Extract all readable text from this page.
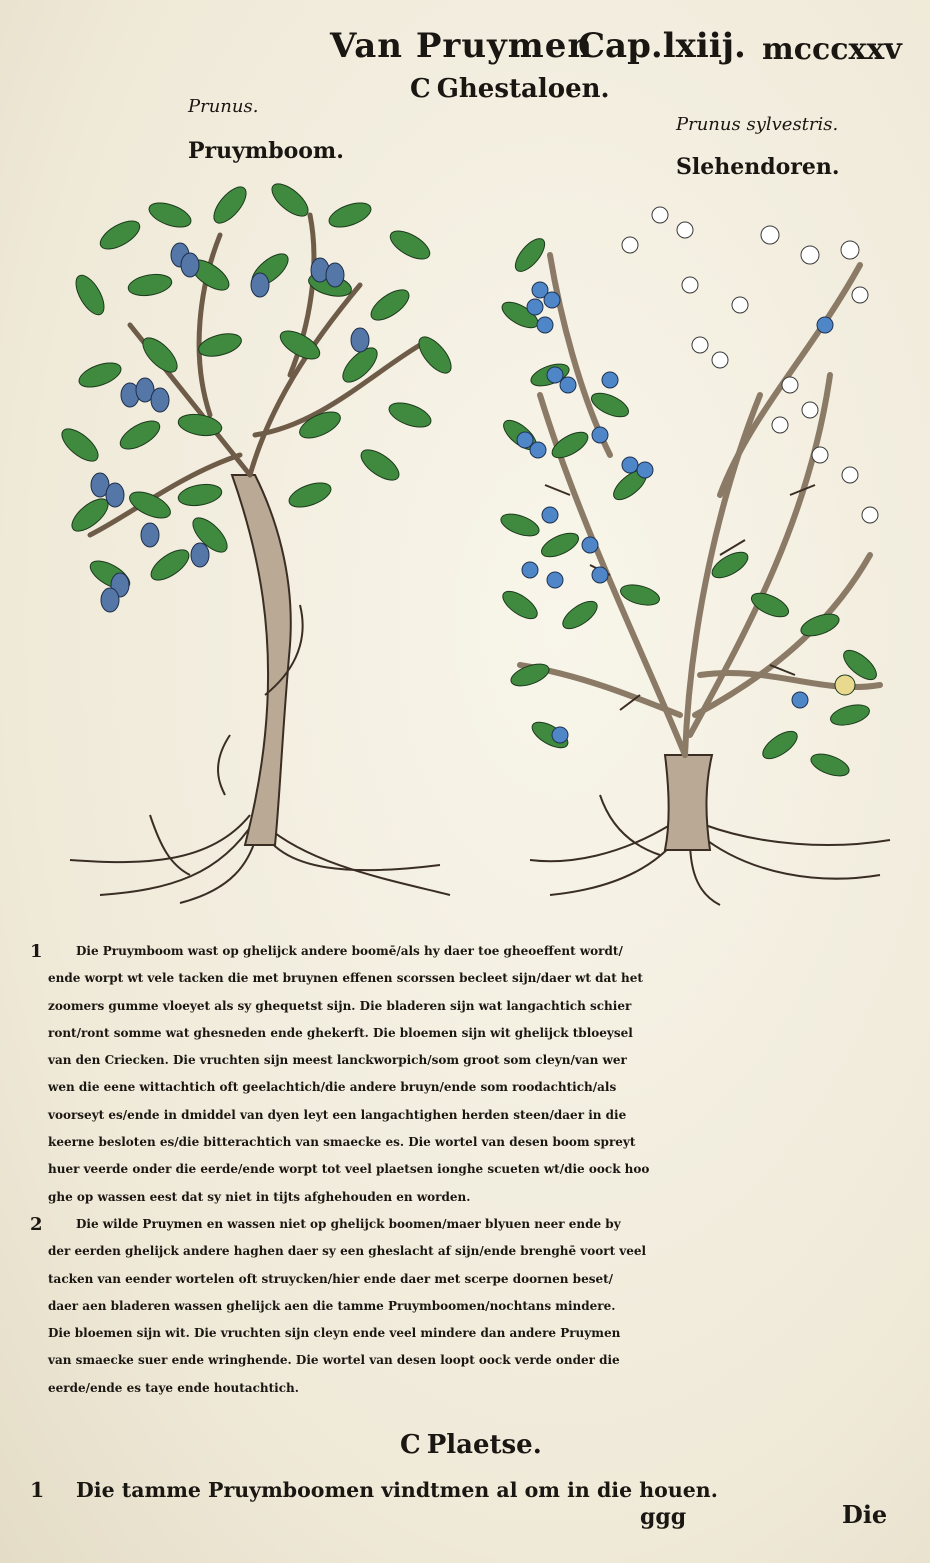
Van Pruymen
Cap.lxiij. mcccxxv
C Ghestaloen.
Prunus.
Pruymboom.
Prunus sylvestris.
Slehendoren.
1	Die Pruymboom wast op ghelijck andere boomē/als hy daer toe gheoeffent wordt/
ende worpt wt vele tacken die met bruynen effenen scorssen becleet sijn/daer wt dat het
zoomers gumme vloeyet als sy ghequetst sijn. Die bladeren sijn wat langachtich schier
ront/ront somme wat ghesneden ende ghekerft. Die bloemen sijn wit ghelijck tbloeysel
van den Criecken. Die vruchten sijn meest lanckworpich/som groot som cleyn/van wer
wen die eene wittachtich oft geelachtich/die andere bruyn/ende som roodachtich/als
voorseyt es/ende in dmiddel van dyen leyt een langachtighen herden steen/daer in die
keerne besloten es/die bitterachtich van smaecke es. Die wortel van desen boom spreyt
huer veerde onder die eerde/ende worpt tot veel plaetsen ionghe scueten wt/die oock hoo
ghe op wassen eest dat sy niet in tijts afghehouden en worden.
2	Die wilde Pruymen en wassen niet op ghelijck boomen/maer blyuen neer ende by
der eerden ghelijck andere haghen daer sy een gheslacht af sijn/ende brenghē voort veel
tacken van eender wortelen oft struycken/hier ende daer met scerpe doornen beset/
daer aen bladeren wassen ghelijck aen die tamme Pruymboomen/nochtans mindere.
Die bloemen sijn wit. Die vruchten sijn cleyn ende veel mindere dan andere Pruymen
van smaecke suer ende wringhende. Die wortel van desen loopt oock verde onder die
eerde/ende es taye ende houtachtich.
C Plaetse.
1 Die tamme Pruymboomen vindtmen al om in die houen.
ggg	Die
